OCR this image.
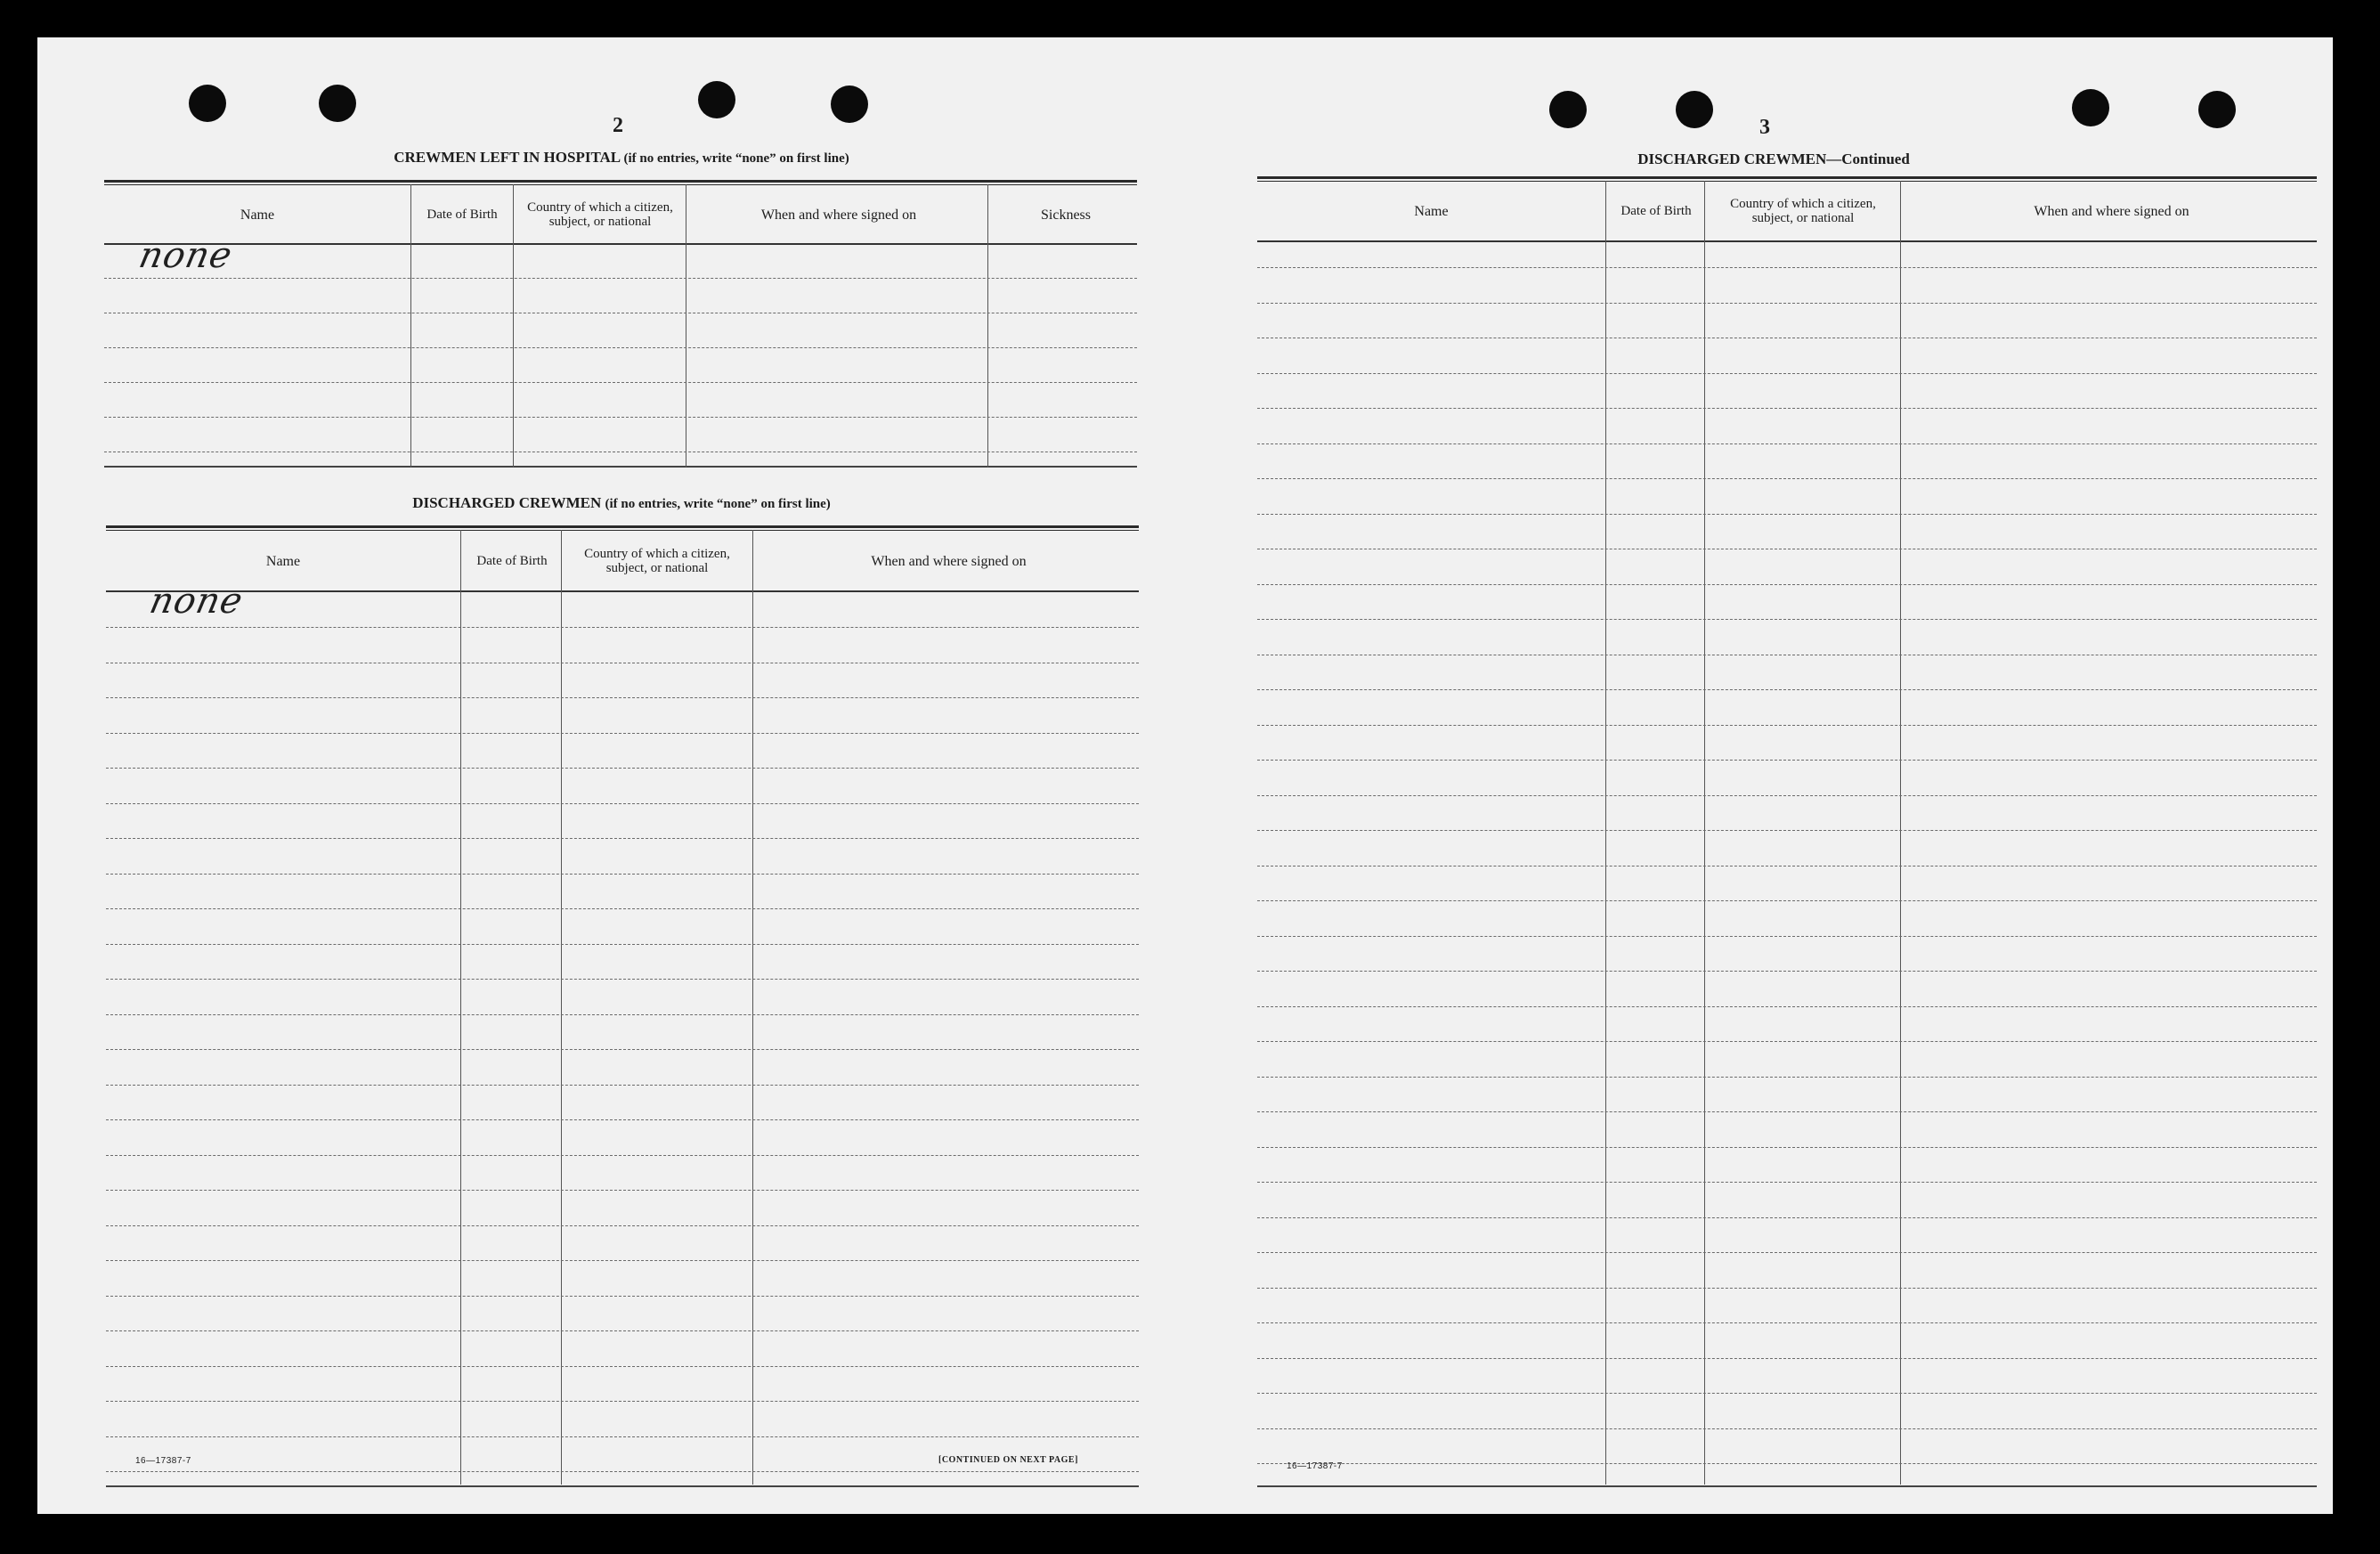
2
CREWMEN LEFT IN HOSPITAL (if no entries, write “none” on first line)
Name	Date of Birth	Country of which a citizen, subject, or national	When and where signed on	Sickness
none
DISCHARGED CREWMEN (if no entries, write “none” on first line)
Name	Date of Birth	Country of which a citizen, subject, or national	When and where signed on
none
16—17387-7	[CONTINUED ON NEXT PAGE]
3
DISCHARGED CREWMEN—Continued
Name	Date of Birth	Country of which a citizen, subject, or national	When and where signed on
16—17387-7
